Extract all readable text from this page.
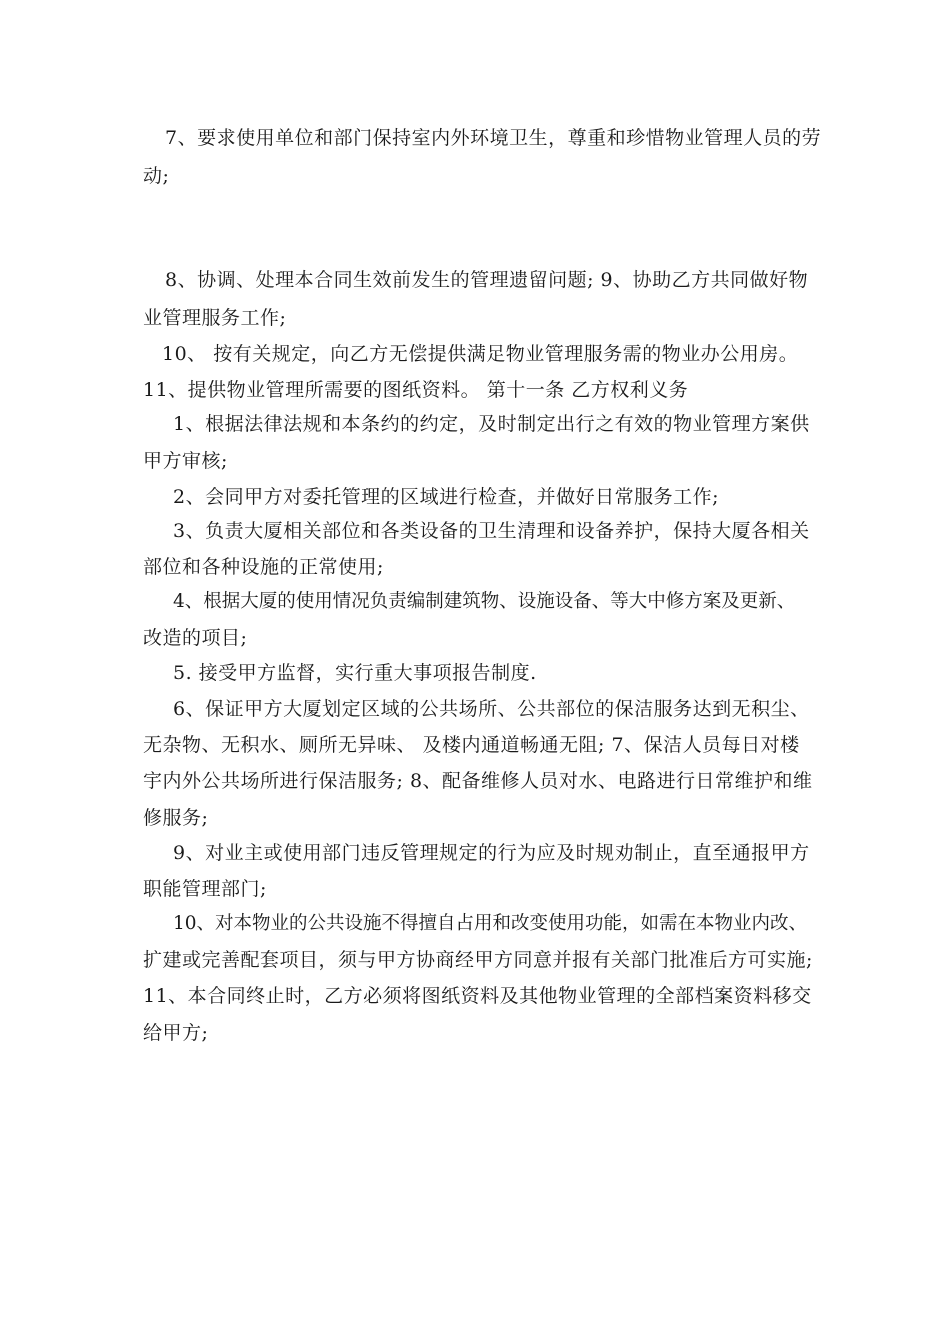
7、要求使用单位和部门保持室内外环境卫生，尊重和珍惜物业管理人员的劳
动;
8、协调、处理本合同生效前发生的管理遗留问题; 9、协助乙方共同做好物
业管理服务工作;
10、 按有关规定，向乙方无偿提供满足物业管理服务需的物业办公用房。
11、提供物业管理所需要的图纸资料。 第十一条 乙方权利义务
1、根据法律法规和本条约的约定，及时制定出行之有效的物业管理方案供
甲方审核;
2、会同甲方对委托管理的区域进行检查，并做好日常服务工作;
3、负责大厦相关部位和各类设备的卫生清理和设备养护，保持大厦各相关
部位和各种设施的正常使用;
4、根据大厦的使用情况负责编制建筑物、设施设备、等大中修方案及更新、
改造的项目;
5. 接受甲方监督，实行重大事项报告制度.
6、保证甲方大厦划定区域的公共场所、公共部位的保洁服务达到无积尘、
无杂物、无积水、厕所无异味、 及楼内通道畅通无阻; 7、保洁人员每日对楼
宇内外公共场所进行保洁服务; 8、配备维修人员对水、电路进行日常维护和维
修服务;
9、对业主或使用部门违反管理规定的行为应及时规劝制止，直至通报甲方
职能管理部门;
10、对本物业的公共设施不得擅自占用和改变使用功能，如需在本物业内改、
扩建或完善配套项目，须与甲方协商经甲方同意并报有关部门批准后方可实施;
11、本合同终止时，乙方必须将图纸资料及其他物业管理的全部档案资料移交
给甲方;
